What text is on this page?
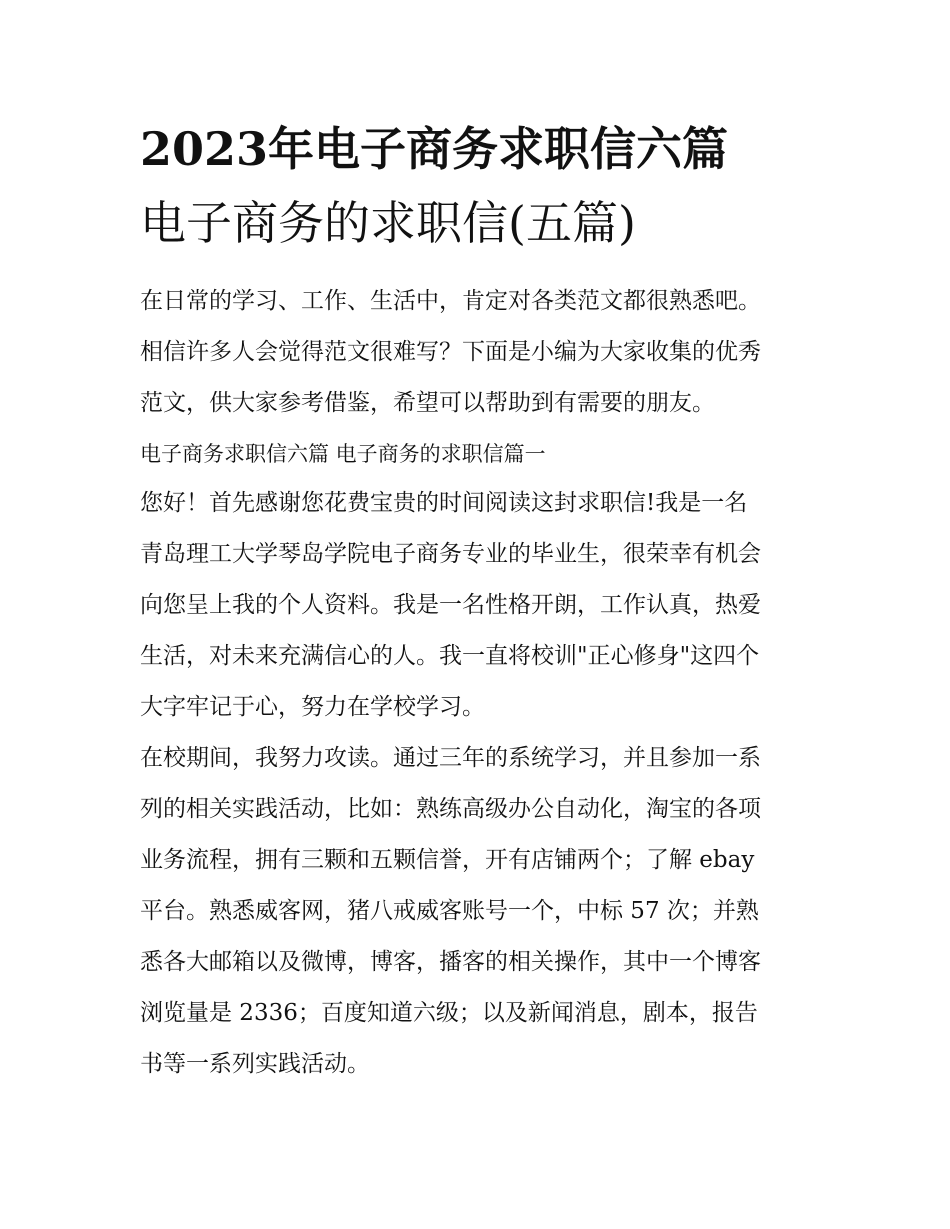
2023年电子商务求职信六篇
电子商务的求职信(五篇)
在日常的学习、工作、生活中，肯定对各类范文都很熟悉吧。
相信许多人会觉得范文很难写？下面是小编为大家收集的优秀
范文，供大家参考借鉴，希望可以帮助到有需要的朋友。
电子商务求职信六篇 电子商务的求职信篇一
您好！首先感谢您花费宝贵的时间阅读这封求职信!我是一名
青岛理工大学琴岛学院电子商务专业的毕业生，很荣幸有机会
向您呈上我的个人资料。我是一名性格开朗，工作认真，热爱
生活，对未来充满信心的人。我一直将校训"正心修身"这四个
大字牢记于心，努力在学校学习。
在校期间，我努力攻读。通过三年的系统学习，并且参加一系
列的相关实践活动，比如：熟练高级办公自动化，淘宝的各项
业务流程，拥有三颗和五颗信誉，开有店铺两个；了解 ebay
平台。熟悉威客网，猪八戒威客账号一个，中标 57 次；并熟
悉各大邮箱以及微博，博客，播客的相关操作，其中一个博客
浏览量是 2336；百度知道六级；以及新闻消息，剧本，报告
书等一系列实践活动。
